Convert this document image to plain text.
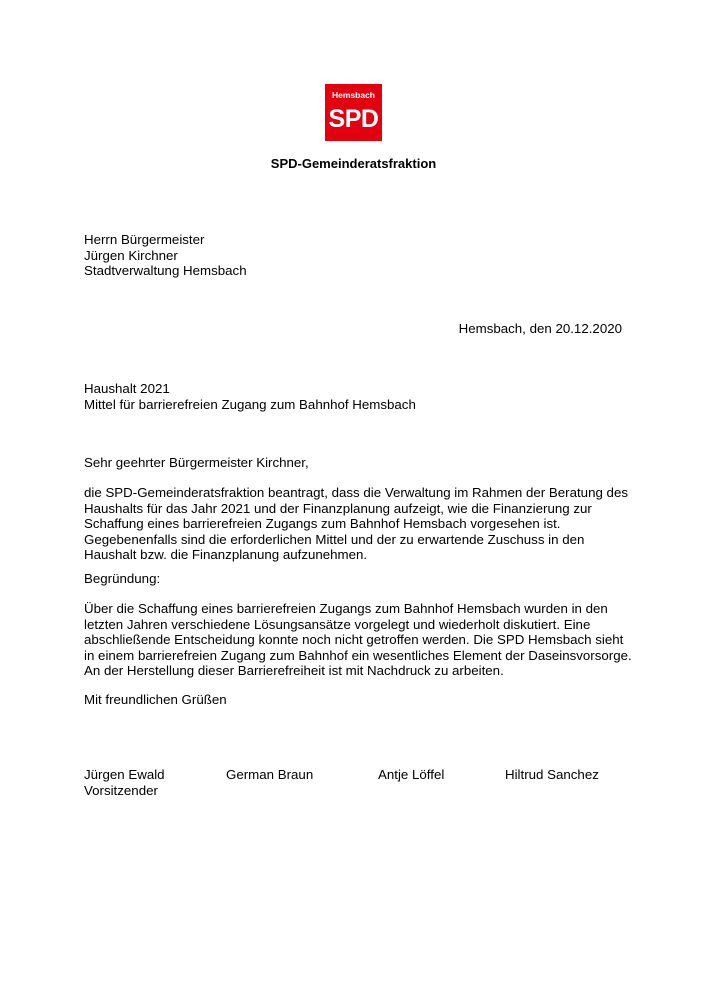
Hemsbach
SPD
SPD-Gemeinderatsfraktion
Herrn Bürgermeister
Jürgen Kirchner
Stadtverwaltung Hemsbach
Hemsbach, den 20.12.2020
Haushalt 2021
Mittel für barrierefreien Zugang zum Bahnhof Hemsbach
Sehr geehrter Bürgermeister Kirchner,
die SPD-Gemeinderatsfraktion beantragt, dass die Verwaltung im Rahmen der Beratung des
Haushalts für das Jahr 2021 und der Finanzplanung aufzeigt, wie die Finanzierung zur
Schaffung eines barrierefreien Zugangs zum Bahnhof Hemsbach vorgesehen ist.
Gegebenenfalls sind die erforderlichen Mittel und der zu erwartende Zuschuss in den
Haushalt bzw. die Finanzplanung aufzunehmen.
Begründung:
Über die Schaffung eines barrierefreien Zugangs zum Bahnhof Hemsbach wurden in den
letzten Jahren verschiedene Lösungsansätze vorgelegt und wiederholt diskutiert. Eine
abschließende Entscheidung konnte noch nicht getroffen werden. Die SPD Hemsbach sieht
in einem barrierefreien Zugang zum Bahnhof ein wesentliches Element der Daseinsvorsorge.
An der Herstellung dieser Barrierefreiheit ist mit Nachdruck zu arbeiten.
Mit freundlichen Grüßen
Jürgen Ewald
Vorsitzender
German Braun	Antje Löffel	Hiltrud Sanchez
